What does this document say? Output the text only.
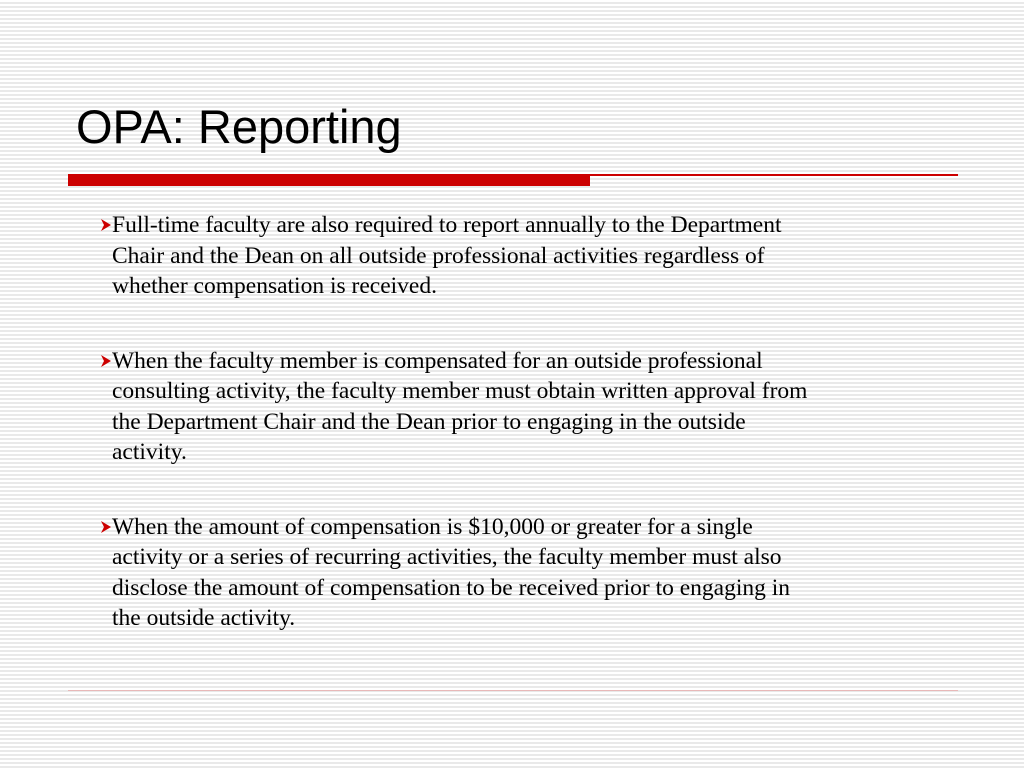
OPA: Reporting
Full-time faculty are also required to report annually to the Department
Chair and the Dean on all outside professional activities regardless of
whether compensation is received.
When the faculty member is compensated for an outside professional
consulting activity, the faculty member must obtain written approval from
the Department Chair and the Dean prior to engaging in the outside
activity.
When the amount of compensation is $10,000 or greater for a single
activity or a series of recurring activities, the faculty member must also
disclose the amount of compensation to be received prior to engaging in
the outside activity.
